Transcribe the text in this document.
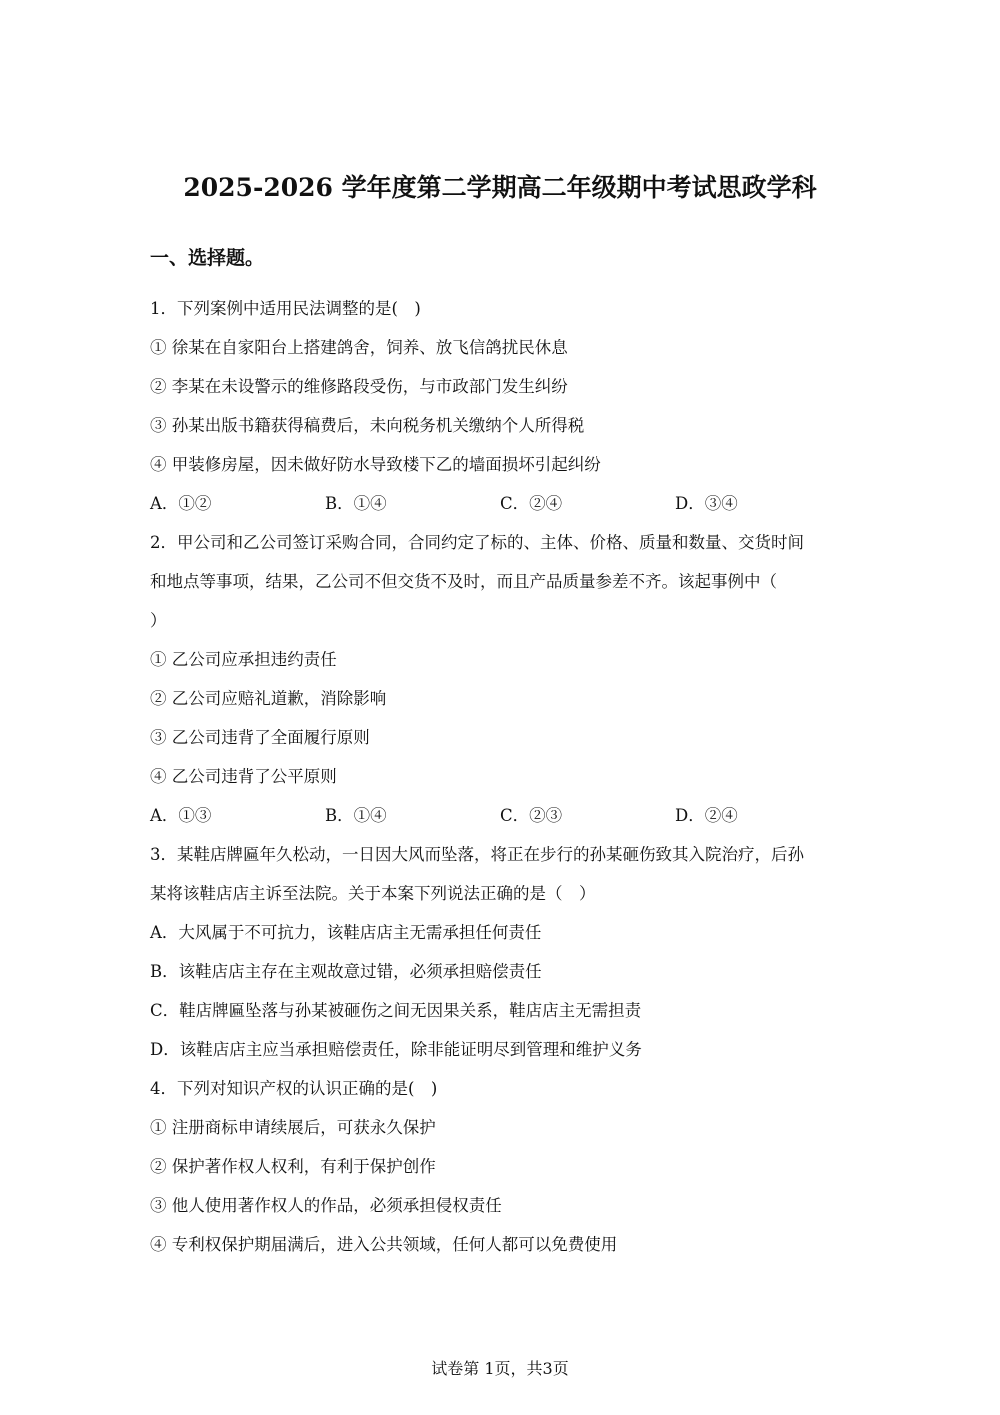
2025-2026 学年度第二学期高二年级期中考试思政学科
一、选择题。
1．下列案例中适用民法调整的是(　)
① 徐某在自家阳台上搭建鸽舍，饲养、放飞信鸽扰民休息
② 李某在未设警示的维修路段受伤，与市政部门发生纠纷
③ 孙某出版书籍获得稿费后，未向税务机关缴纳个人所得税
④ 甲装修房屋，因未做好防水导致楼下乙的墙面损坏引起纠纷
A．①②	B．①④	C．②④	D．③④
2．甲公司和乙公司签订采购合同，合同约定了标的、主体、价格、质量和数量、交货时间
和地点等事项，结果，乙公司不但交货不及时，而且产品质量参差不齐。该起事例中（
）
① 乙公司应承担违约责任
② 乙公司应赔礼道歉，消除影响
③ 乙公司违背了全面履行原则
④ 乙公司违背了公平原则
A．①③	B．①④	C．②③	D．②④
3．某鞋店牌匾年久松动，一日因大风而坠落，将正在步行的孙某砸伤致其入院治疗，后孙
某将该鞋店店主诉至法院。关于本案下列说法正确的是（　）
A．大风属于不可抗力，该鞋店店主无需承担任何责任
B．该鞋店店主存在主观故意过错，必须承担赔偿责任
C．鞋店牌匾坠落与孙某被砸伤之间无因果关系，鞋店店主无需担责
D．该鞋店店主应当承担赔偿责任，除非能证明尽到管理和维护义务
4．下列对知识产权的认识正确的是(　)
① 注册商标申请续展后，可获永久保护
② 保护著作权人权利，有利于保护创作
③ 他人使用著作权人的作品，必须承担侵权责任
④ 专利权保护期届满后，进入公共领域，任何人都可以免费使用
试卷第 1页，共3页
